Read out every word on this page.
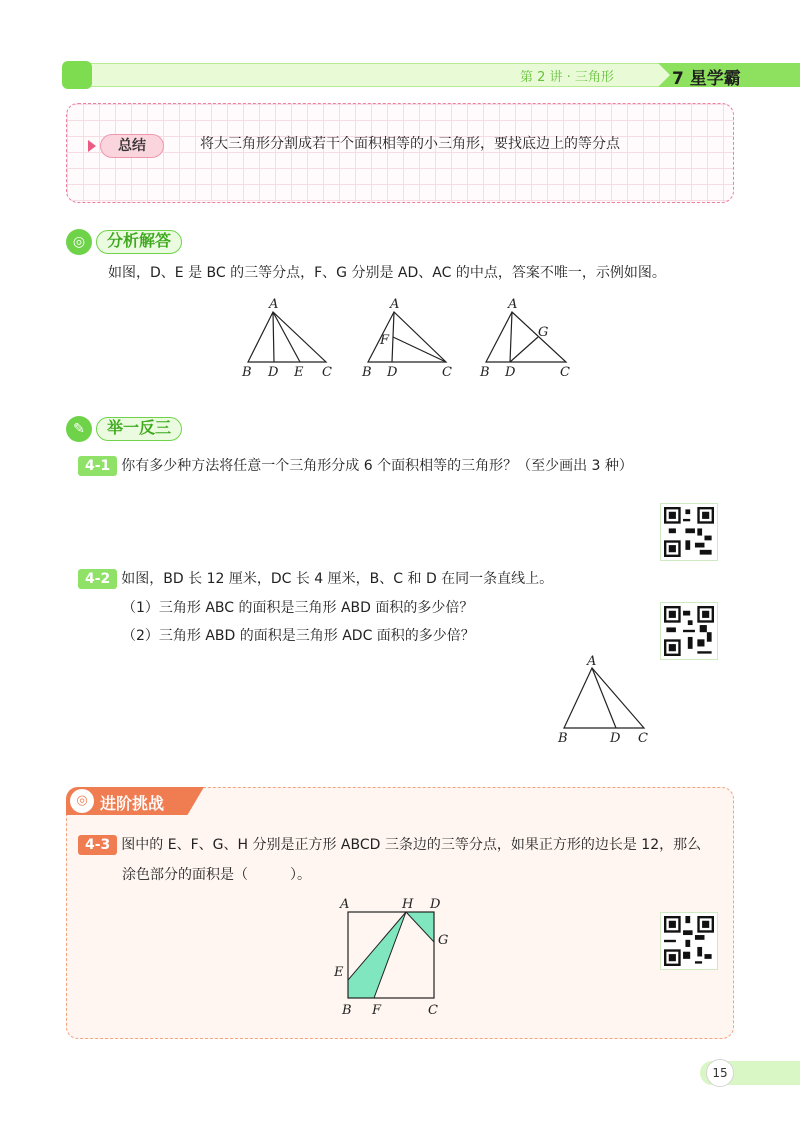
第 2 讲 · 三角形	7 星学霸
总结	将大三角形分割成若干个面积相等的小三角形，要找底边上的等分点
◎	分析解答
如图，D、E 是 BC 的三等分点，F、G 分别是 AD、AC 的中点，答案不唯一，示例如图。
A
B D E C
A
F
B D	C
A
G
B D	C
✎	举一反三
4-1 你有多少种方法将任意一个三角形分成 6 个面积相等的三角形？（至少画出 3 种）
4-2 如图，BD 长 12 厘米，DC 长 4 厘米，B、C 和 D 在同一条直线上。
（1）三角形 ABC 的面积是三角形 ABD 面积的多少倍？
（2）三角形 ABD 的面积是三角形 ADC 面积的多少倍？
A
B	D C
◎ 进阶挑战
4-3 图中的 E、F、G、H 分别是正方形 ABCD 三条边的三等分点，如果正方形的边长是 12，那么
涂色部分的面积是（　　　）。
A	H D
G
E
B F	C
15
